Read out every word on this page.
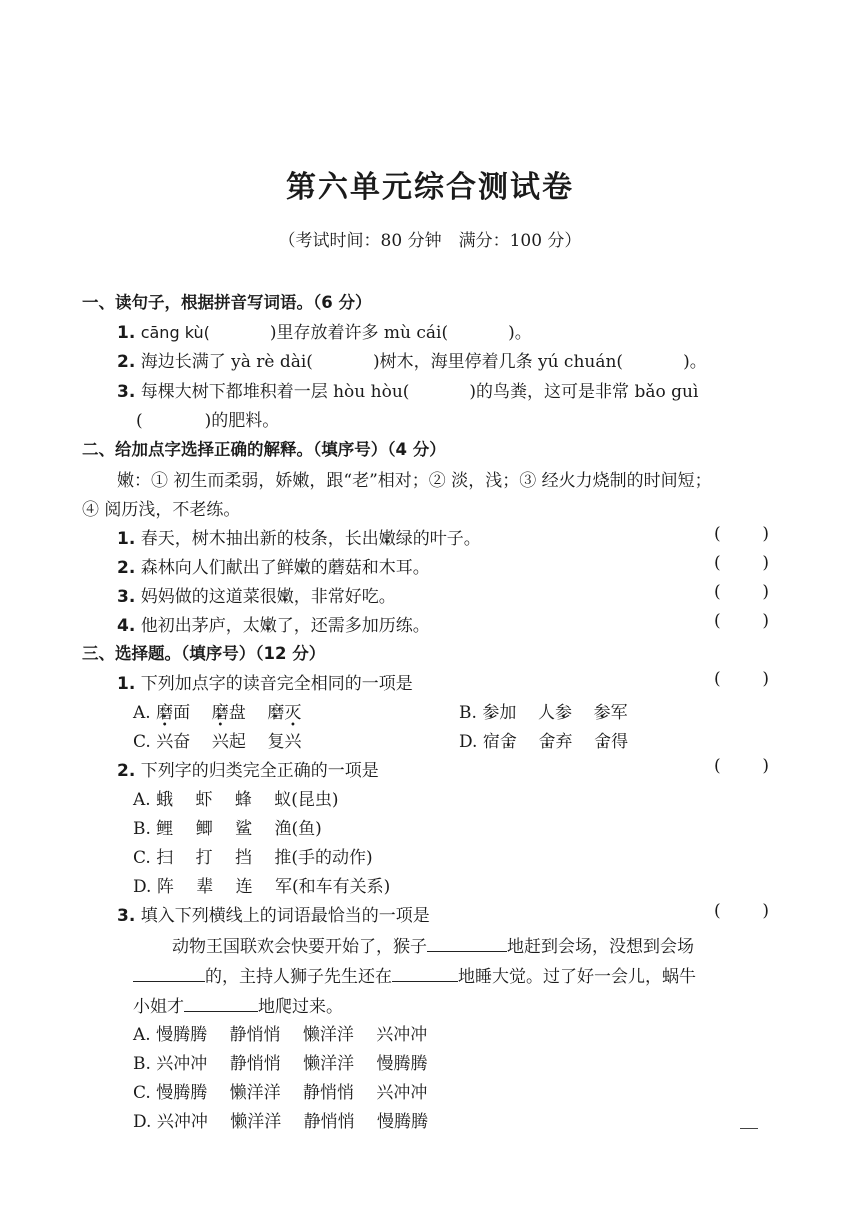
第六单元综合测试卷
（考试时间：80 分钟　满分：100 分）
一、读句子，根据拼音写词语。（6 分）
1. cāng kù(	)里存放着许多 mù cái(	)。
2. 海边长满了 yà rè dài(	)树木，海里停着几条 yú chuán(	)。
3. 每棵大树下都堆积着一层 hòu hòu(	)的鸟粪，这可是非常 bǎo guì
(	)的肥料。
二、给加点字选择正确的解释。（填序号）（4 分）
嫩：① 初生而柔弱，娇嫩，跟“老”相对；② 淡，浅；③ 经火力烧制的时间短；
④ 阅历浅，不老练。
1. 春天，树木抽出新的枝条，长出嫩绿的叶子。	( )
2. 森林向人们献出了鲜嫩的蘑菇和木耳。	( )
3. 妈妈做的这道菜很嫩，非常好吃。	( )
4. 他初出茅庐，太嫩了，还需多加历练。	( )
三、选择题。（填序号）（12 分）
1. 下列加点字的读音完全相同的一项是	( )
A. 磨面 磨盘 磨灭	B. 参加 人参 参军
C. 兴奋 兴起 复兴	D. 宿舍 舍弃 舍得
2. 下列字的归类完全正确的一项是	( )
A. 蛾　 虾　 蜂　 蚁(昆虫)
B. 鲤　 鲫　 鲨　 渔(鱼)
C. 扫　 打　 挡　 推(手的动作)
D. 阵　 辈　 连　 军(和车有关系)
3. 填入下列横线上的词语最恰当的一项是	( )
动物王国联欢会快要开始了，猴子	地赶到会场，没想到会场
的，主持人狮子先生还在	地睡大觉。过了好一会儿，蜗牛
小姐才	地爬过来。
A. 慢腾腾　 静悄悄　 懒洋洋　 兴冲冲
B. 兴冲冲　 静悄悄　 懒洋洋　 慢腾腾
C. 慢腾腾　 懒洋洋　 静悄悄　 兴冲冲
D. 兴冲冲　 懒洋洋　 静悄悄　 慢腾腾
